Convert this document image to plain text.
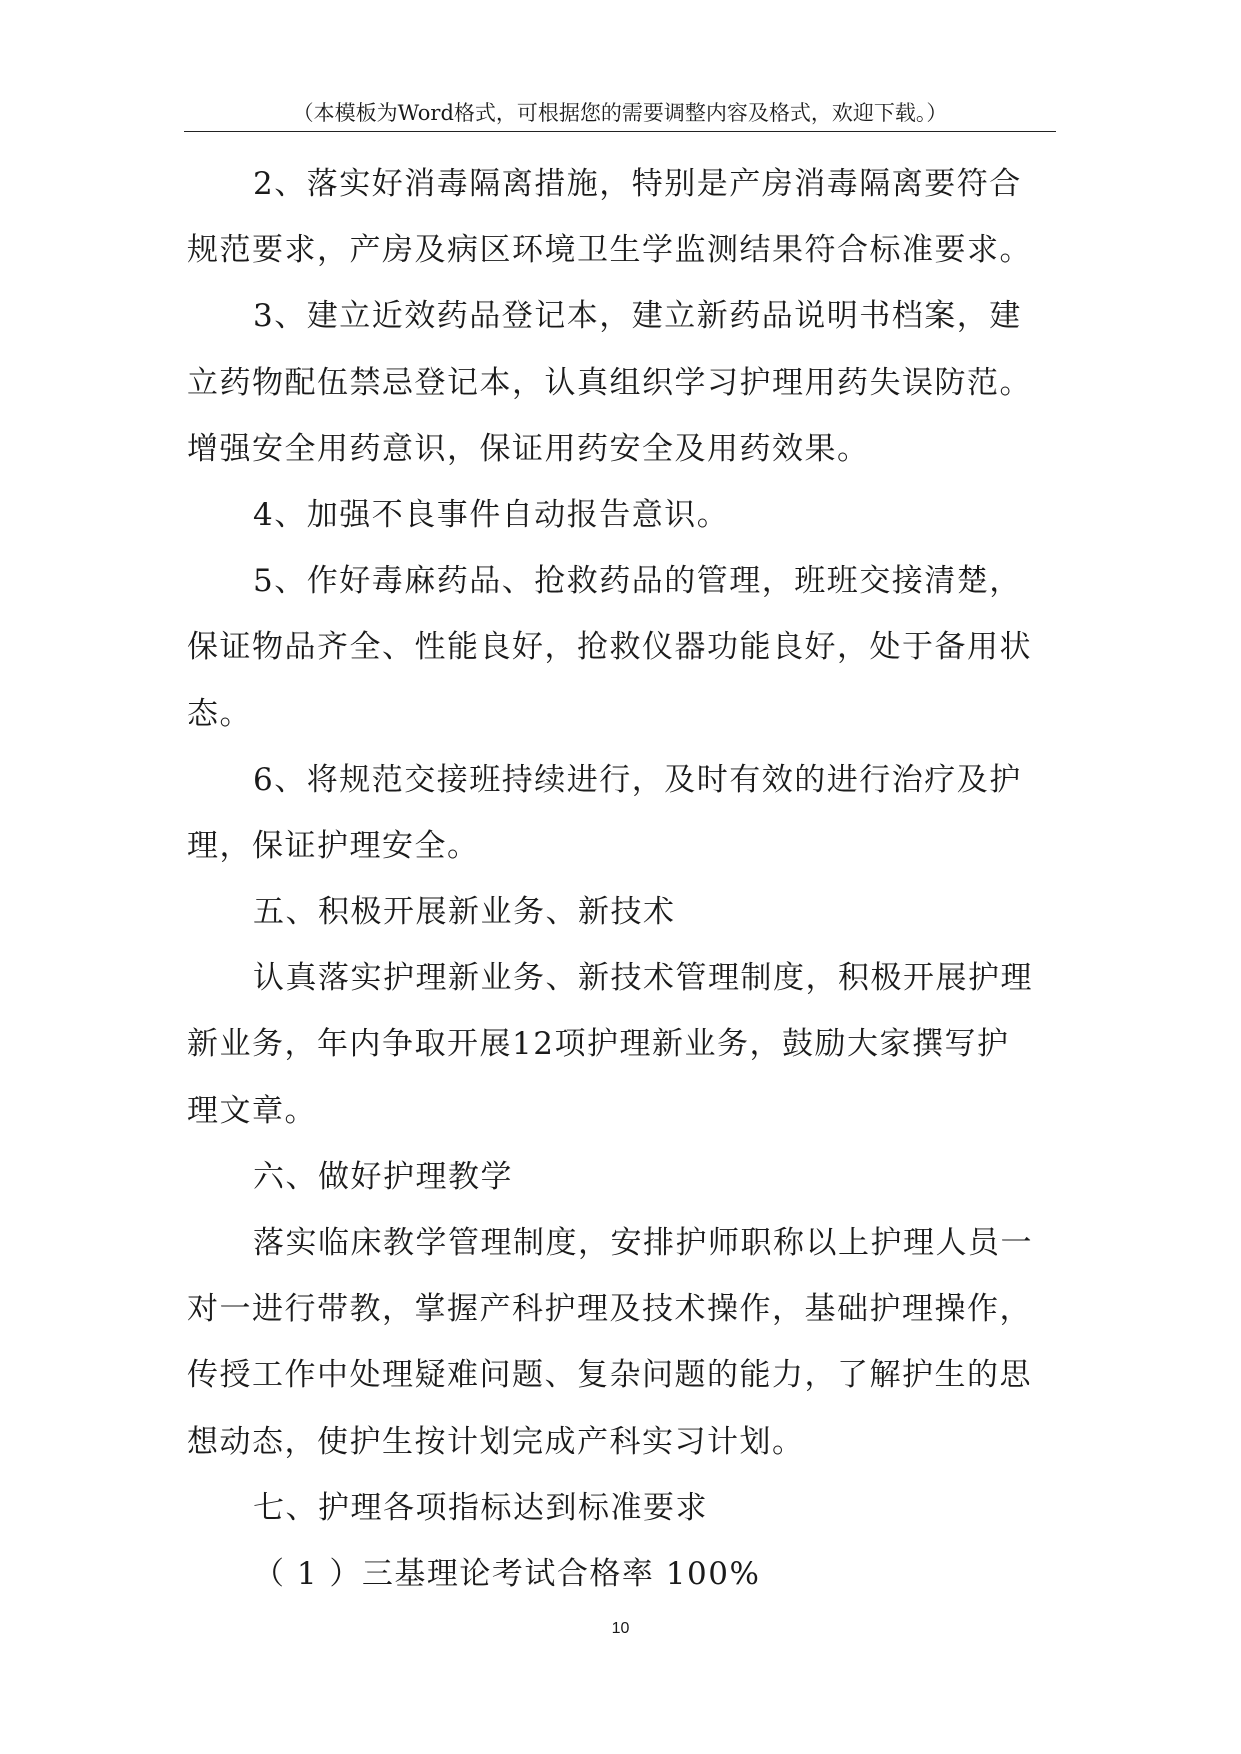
（本模板为Word格式，可根据您的需要调整内容及格式，欢迎下载。）
2、落实好消毒隔离措施，特别是产房消毒隔离要符合
规范要求，产房及病区环境卫生学监测结果符合标准要求。
3、建立近效药品登记本，建立新药品说明书档案，建
立药物配伍禁忌登记本，认真组织学习护理用药失误防范。
增强安全用药意识，保证用药安全及用药效果。
4、加强不良事件自动报告意识。
5、作好毒麻药品、抢救药品的管理，班班交接清楚，
保证物品齐全、性能良好，抢救仪器功能良好，处于备用状
态。
6、将规范交接班持续进行，及时有效的进行治疗及护
理，保证护理安全。
五、积极开展新业务、新技术
认真落实护理新业务、新技术管理制度，积极开展护理
新业务，年内争取开展12项护理新业务，鼓励大家撰写护
理文章。
六、做好护理教学
落实临床教学管理制度，安排护师职称以上护理人员一
对一进行带教，掌握产科护理及技术操作，基础护理操作，
传授工作中处理疑难问题、复杂问题的能力，了解护生的思
想动态，使护生按计划完成产科实习计划。
七、护理各项指标达到标准要求
（ 1 ）三基理论考试合格率 100%
10
